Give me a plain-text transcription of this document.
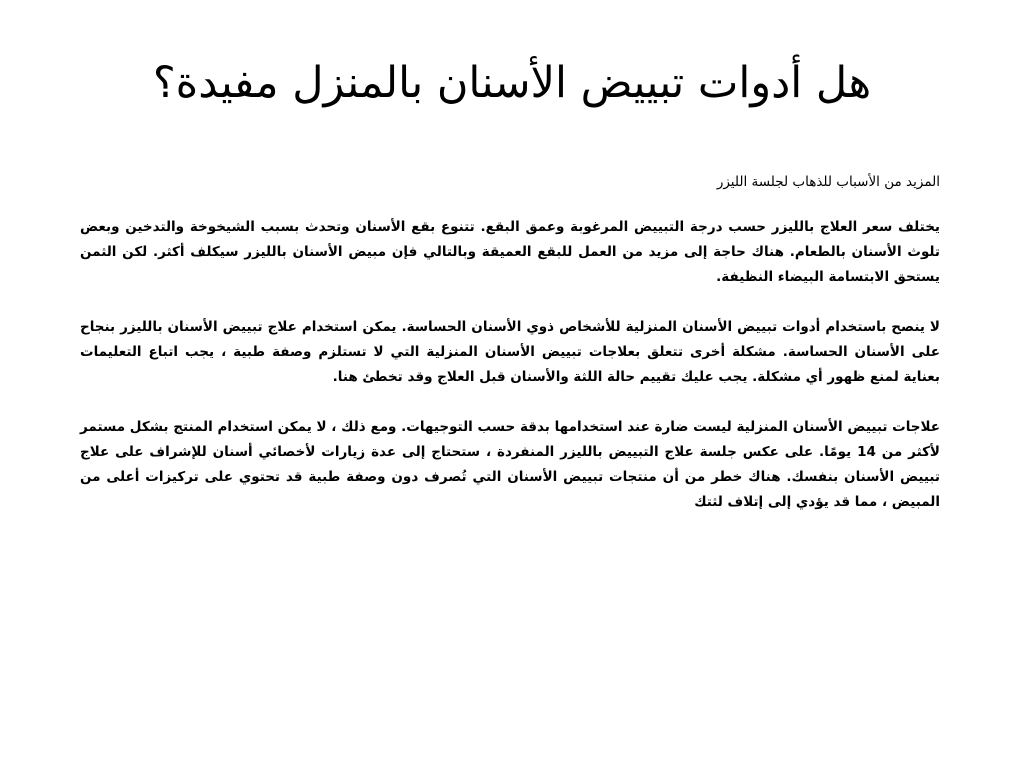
هل أدوات تبييض الأسنان بالمنزل مفيدة؟

المزيد من الأسباب للذهاب لجلسة الليزر

يختلف سعر العلاج بالليزر حسب درجة التبييض المرغوبة وعمق البقع. تتنوع بقع الأسنان وتحدث بسبب الشيخوخة والتدخين وبعض تلوث الأسنان بالطعام. هناك حاجة إلى مزيد من العمل للبقع العميقة وبالتالي فإن مبيض الأسنان بالليزر سيكلف أكثر. لكن الثمن يستحق الابتسامة البيضاء النظيفة.

لا ينصح باستخدام أدوات تبييض الأسنان المنزلية للأشخاص ذوي الأسنان الحساسة. يمكن استخدام علاج تبييض الأسنان بالليزر بنجاح على الأسنان الحساسة. مشكلة أخرى تتعلق بعلاجات تبييض الأسنان المنزلية التي لا تستلزم وصفة طبية ، يجب اتباع التعليمات بعناية لمنع ظهور أي مشكلة. يجب عليك تقييم حالة اللثة والأسنان قبل العلاج وقد تخطئ هنا.

علاجات تبييض الأسنان المنزلية ليست ضارة عند استخدامها بدقة حسب التوجيهات. ومع ذلك ، لا يمكن استخدام المنتج بشكل مستمر لأكثر من 14 يومًا. على عكس جلسة علاج التبييض بالليزر المنفردة ، ستحتاج إلى عدة زيارات لأخصائي أسنان للإشراف على علاج تبييض الأسنان بنفسك. هناك خطر من أن منتجات تبييض الأسنان التي تُصرف دون وصفة طبية قد تحتوي على تركيزات أعلى من المبيض ، مما قد يؤدي إلى إتلاف لثتك
